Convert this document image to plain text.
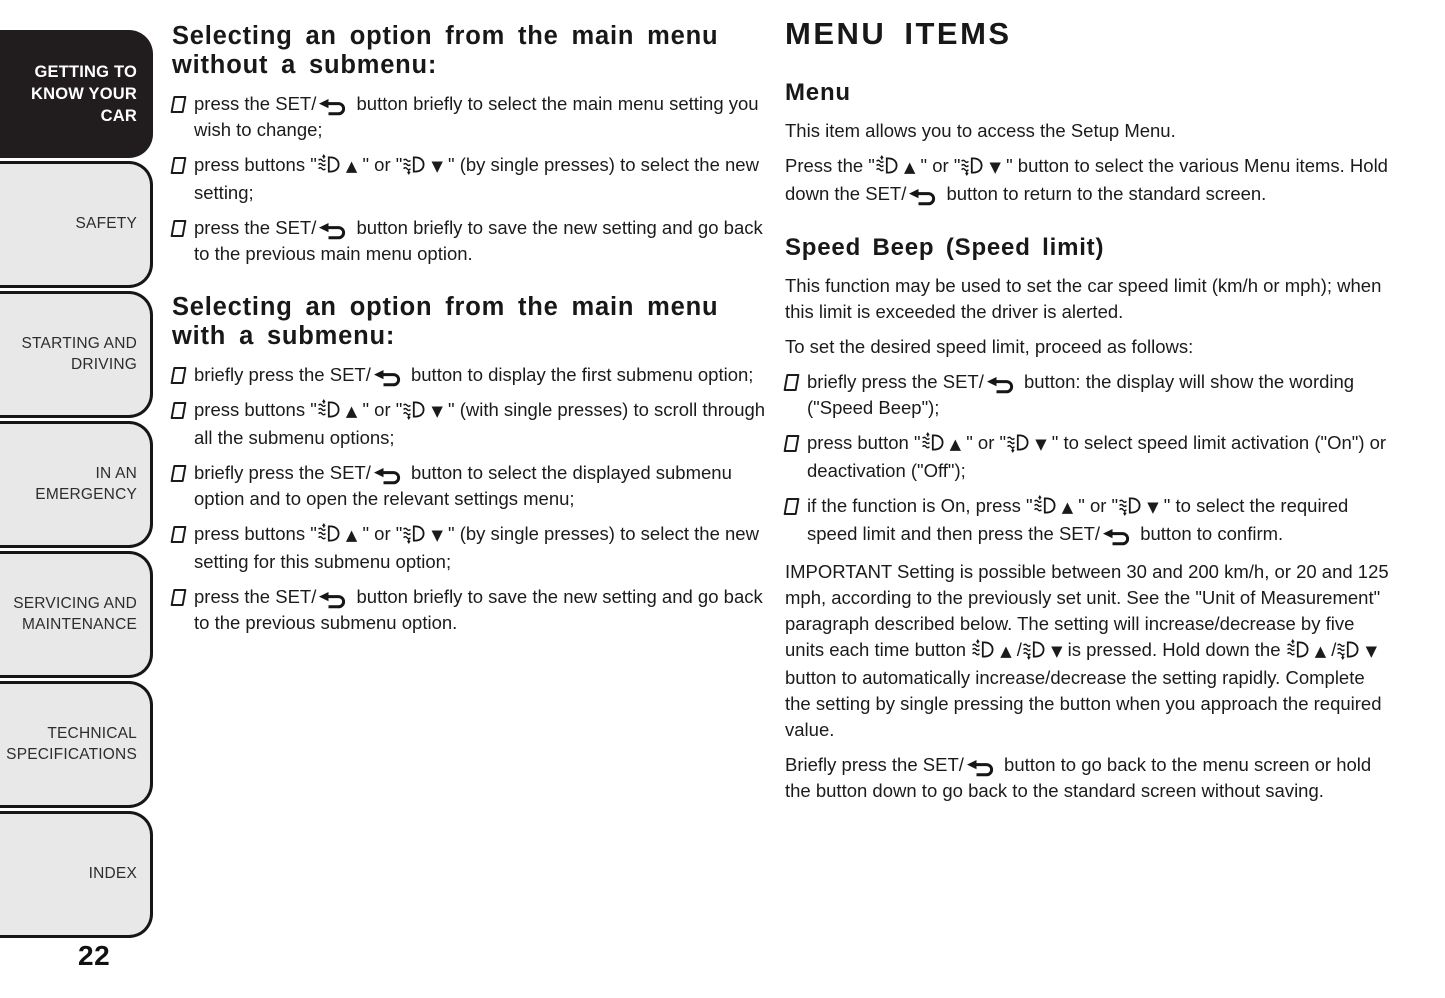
GETTING TO KNOW YOUR CAR
SAFETY
STARTING AND DRIVING
IN AN EMERGENCY
SERVICING AND MAINTENANCE
TECHNICAL SPECIFICATIONS
INDEX
22
Selecting an option from the main menu without a submenu:
press the SET/ button briefly to select the main menu setting you wish to change;
press buttons " ▲ " or " ▼ " (by single presses) to select the new setting;
press the SET/ button briefly to save the new setting and go back to the previous main menu option.
Selecting an option from the main menu with a submenu:
briefly press the SET/ button to display the first submenu option;
press buttons " ▲ " or " ▼ " (with single presses) to scroll through all the submenu options;
briefly press the SET/ button to select the displayed submenu option and to open the relevant settings menu;
press buttons " ▲ " or " ▼ " (by single presses) to select the new setting for this submenu option;
press the SET/ button briefly to save the new setting and go back to the previous submenu option.
MENU ITEMS
Menu

This item allows you to access the Setup Menu.

Press the " ▲ " or " ▼ " button to select the various Menu items. Hold down the SET/ button to return to the standard screen.

Speed Beep (Speed limit)

This function may be used to set the car speed limit (km/h or mph); when this limit is exceeded the driver is alerted.

To set the desired speed limit, proceed as follows:

briefly press the SET/ button: the display will show the wording ("Speed Beep");
press button " ▲ " or " ▼ " to select speed limit activation ("On") or deactivation ("Off");
if the function is On, press " ▲ " or " ▼ " to select the required speed limit and then press the SET/ button to confirm.

IMPORTANT Setting is possible between 30 and 200 km/h, or 20 and 125 mph, according to the previously set unit. See the "Unit of Measurement" paragraph described below. The setting will increase/decrease by five units each time button  ▲ / ▼ is pressed. Hold down the  ▲ / ▼ button to automatically increase/decrease the setting rapidly. Complete the setting by single pressing the button when you approach the required value.

Briefly press the SET/ button to go back to the menu screen or hold the button down to go back to the standard screen without saving.
